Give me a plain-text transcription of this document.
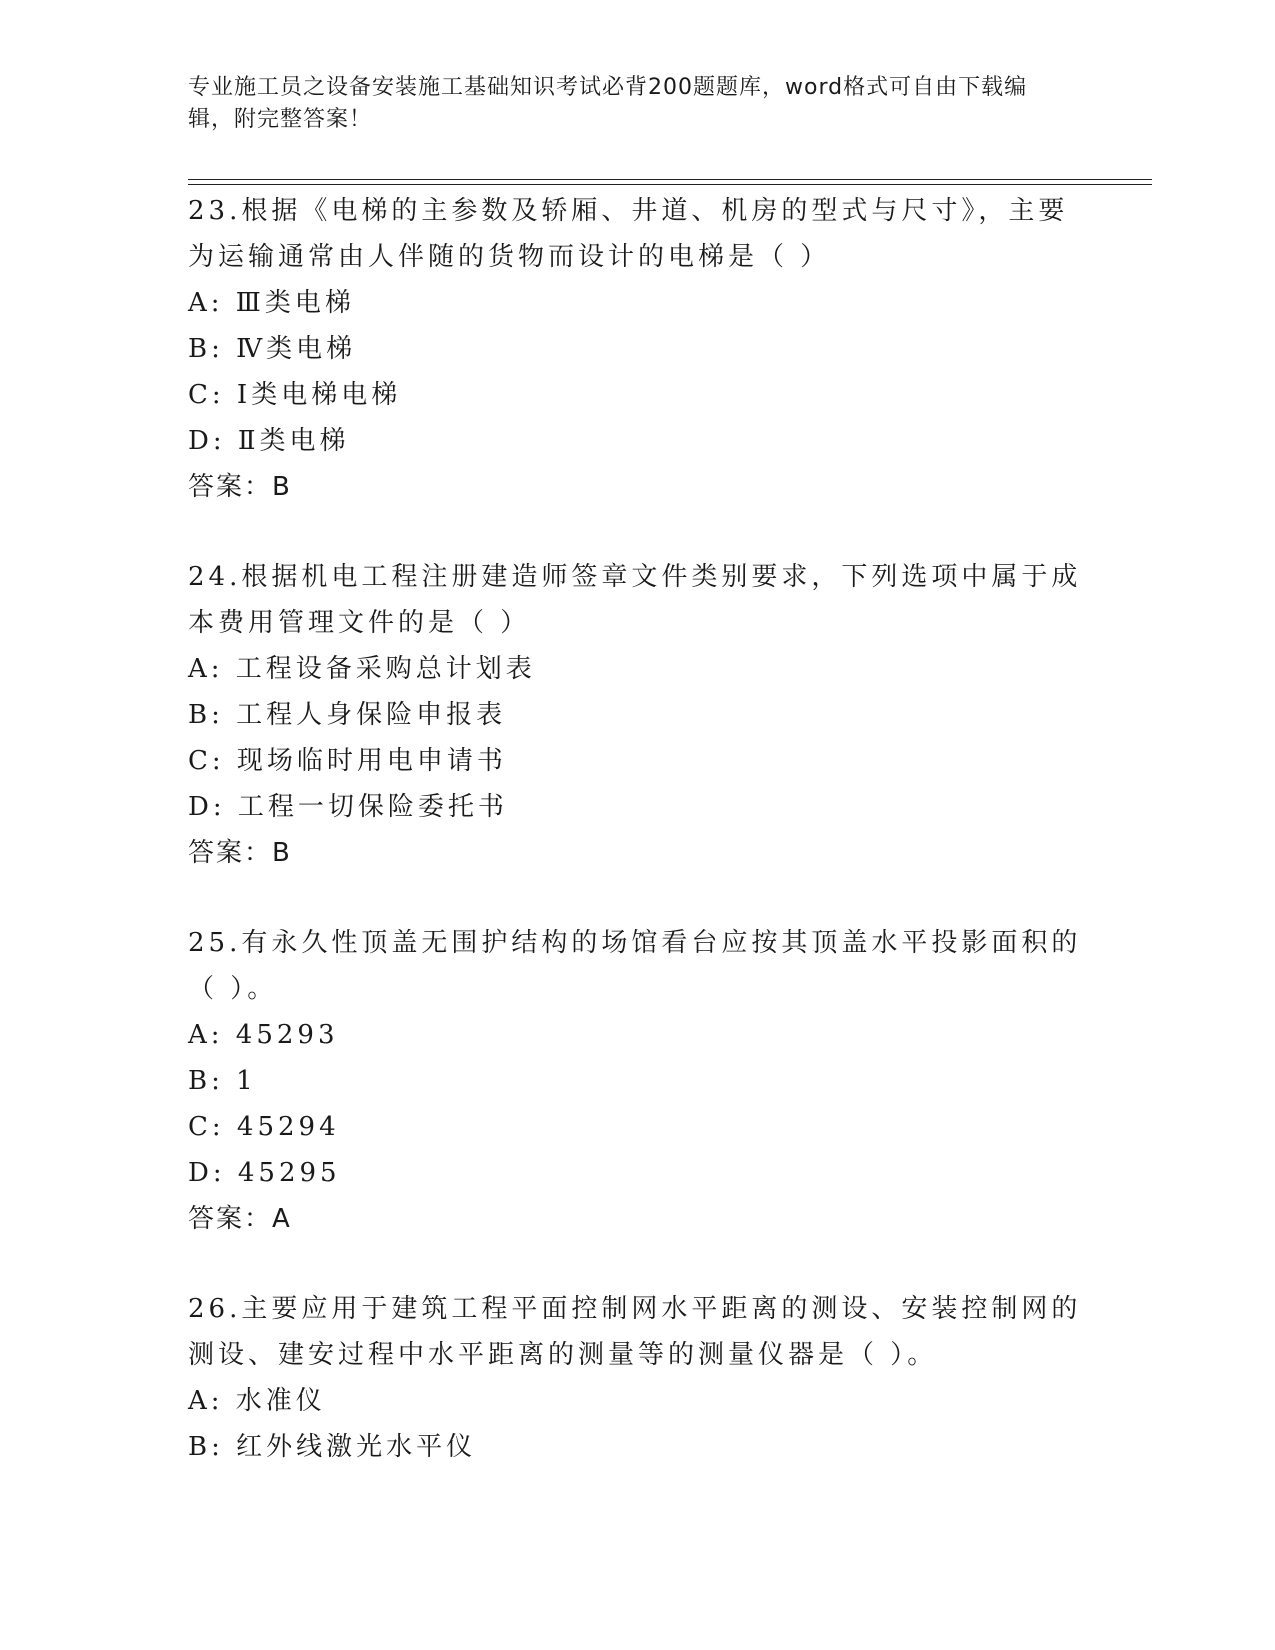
专业施工员之设备安装施工基础知识考试必背200题题库，word格式可自由下载编辑，附完整答案！

23.根据《电梯的主参数及轿厢、井道、机房的型式与尺寸》，主要为运输通常由人伴随的货物而设计的电梯是（ ）

A: Ⅲ类电梯

B: Ⅳ类电梯

C: Ⅰ类电梯电梯

D: Ⅱ类电梯

答案：B

24.根据机电工程注册建造师签章文件类别要求，下列选项中属于成本费用管理文件的是（ ）

A: 工程设备采购总计划表

B: 工程人身保险申报表

C: 现场临时用电申请书

D: 工程一切保险委托书

答案：B

25.有永久性顶盖无围护结构的场馆看台应按其顶盖水平投影面积的（ ）。

A: 45293

B: 1

C: 45294

D: 45295

答案：A

26.主要应用于建筑工程平面控制网水平距离的测设、安装控制网的测设、建安过程中水平距离的测量等的测量仪器是（ ）。

A: 水准仪

B: 红外线激光水平仪
